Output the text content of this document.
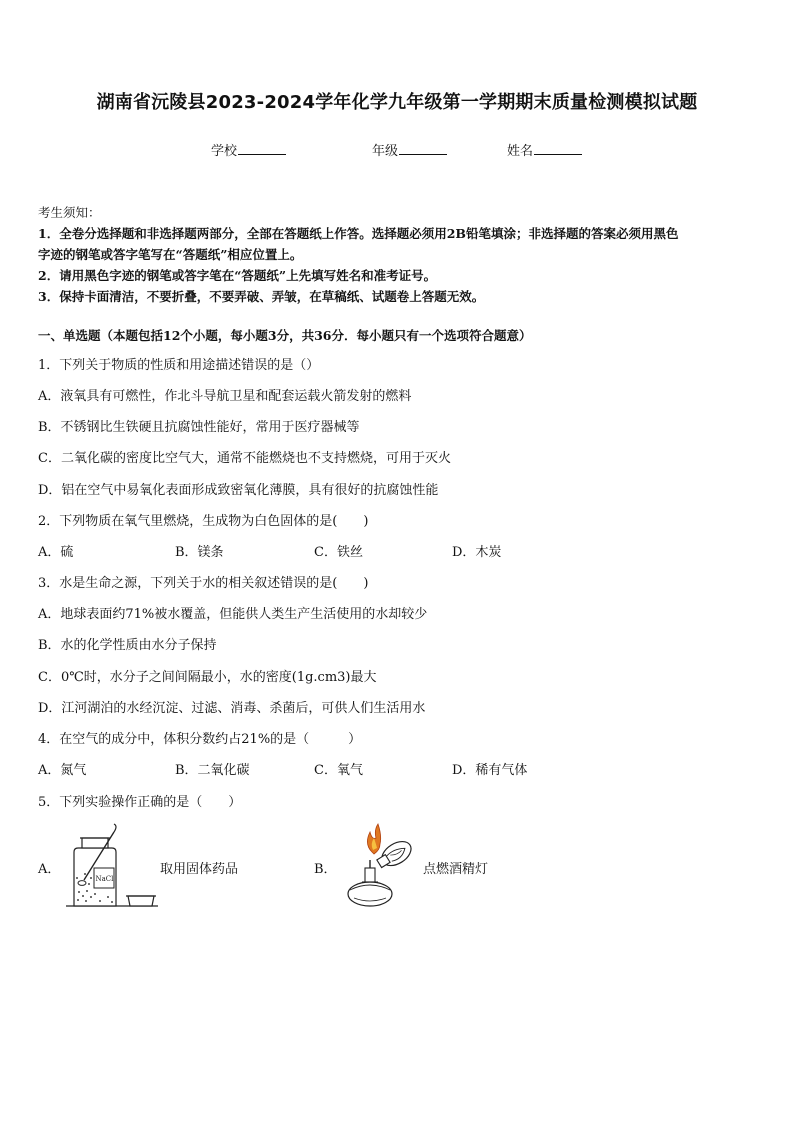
湖南省沅陵县2023-2024学年化学九年级第一学期期末质量检测模拟试题
学校	年级	姓名
考生须知：
1．全卷分选择题和非选择题两部分，全部在答题纸上作答。选择题必须用2B铅笔填涂；非选择题的答案必须用黑色
字迹的钢笔或答字笔写在“答题纸”相应位置上。
2．请用黑色字迹的钢笔或答字笔在“答题纸”上先填写姓名和准考证号。
3．保持卡面清洁，不要折叠，不要弄破、弄皱，在草稿纸、试题卷上答题无效。
一、单选题（本题包括12个小题，每小题3分，共36分．每小题只有一个选项符合题意）
1．下列关于物质的性质和用途描述错误的是（）
A．液氧具有可燃性，作北斗导航卫星和配套运载火箭发射的燃料
B．不锈钢比生铁硬且抗腐蚀性能好，常用于医疗器械等
C．二氧化碳的密度比空气大，通常不能燃烧也不支持燃烧，可用于灭火
D．铝在空气中易氧化表面形成致密氧化薄膜，具有很好的抗腐蚀性能
2．下列物质在氧气里燃烧，生成物为白色固体的是(　　)
A．硫	B．镁条	C．铁丝	D．木炭
3．水是生命之源，下列关于水的相关叙述错误的是(　　)
A．地球表面约71%被水覆盖，但能供人类生产生活使用的水却较少
B．水的化学性质由水分子保持
C．0℃时，水分子之间间隔最小，水的密度(1g.cm3)最大
D．江河湖泊的水经沉淀、过滤、消毒、杀菌后，可供人们生活用水
4．在空气的成分中，体积分数约占21%的是（　　　）
A．氮气	B．二氧化碳	C．氧气	D．稀有气体
5．下列实验操作正确的是（　　）
A．
NaCl
取用固体药品	B．	点燃酒精灯
